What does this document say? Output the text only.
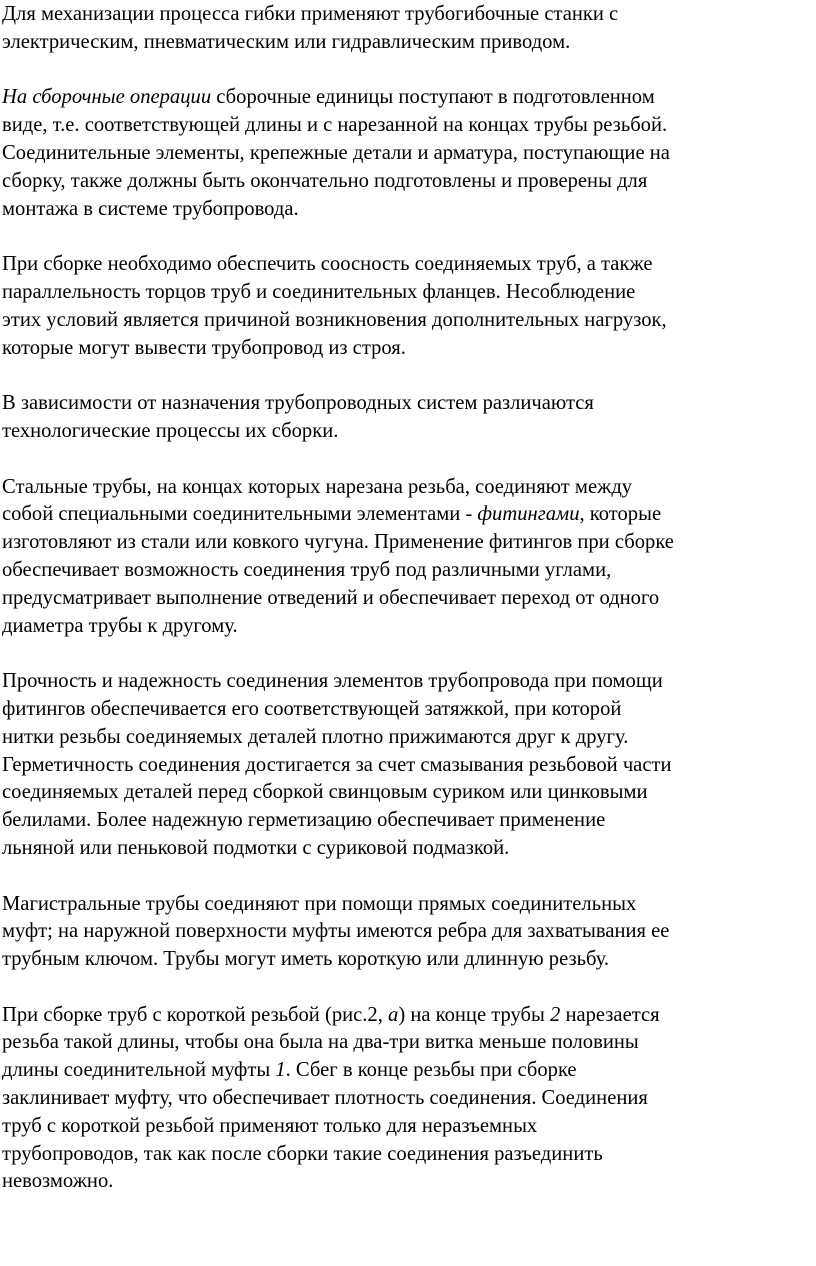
Для механизации процесса гибки применяют трубогибочные станки с
электрическим, пневматическим или гидравлическим приводом.

На сборочные операции сборочные единицы поступают в подготовленном
виде, т.е. соответствующей длины и с нарезанной на концах трубы резьбой.
Соединительные элементы, крепежные детали и арматура, поступающие на
сборку, также должны быть окончательно подготовлены и проверены для
монтажа в системе трубопровода.

При сборке необходимо обеспечить соосность соединяемых труб, а также
параллельность торцов труб и соединительных фланцев. Несоблюдение
этих условий является причиной возникновения дополнительных нагрузок,
которые могут вывести трубопровод из строя.

В зависимости от назначения трубопроводных систем различаются
технологические процессы их сборки.

Стальные трубы, на концах которых нарезана резьба, соединяют между
собой специальными соединительными элементами - фитингами, которые
изготовляют из стали или ковкого чугуна. Применение фитингов при сборке
обеспечивает возможность соединения труб под различными углами,
предусматривает выполнение отведений и обеспечивает переход от одного
диаметра трубы к другому.

Прочность и надежность соединения элементов трубопровода при помощи
фитингов обеспечивается его соответствующей затяжкой, при которой
нитки резьбы соединяемых деталей плотно прижимаются друг к другу.
Герметичность соединения достигается за счет смазывания резьбовой части
соединяемых деталей перед сборкой свинцовым суриком или цинковыми
белилами. Более надежную герметизацию обеспечивает применение
льняной или пеньковой подмотки с суриковой подмазкой.

Магистральные трубы соединяют при помощи прямых соединительных
муфт; на наружной поверхности муфты имеются ребра для захватывания ее
трубным ключом. Трубы могут иметь короткую или длинную резьбу.

При сборке труб с короткой резьбой (рис.2, а) на конце трубы 2 нарезается
резьба такой длины, чтобы она была на два-три витка меньше половины
длины соединительной муфты 1. Сбег в конце резьбы при сборке
заклинивает муфту, что обеспечивает плотность соединения. Соединения
труб с короткой резьбой применяют только для неразъемных
трубопроводов, так как после сборки такие соединения разъединить
невозможно.
